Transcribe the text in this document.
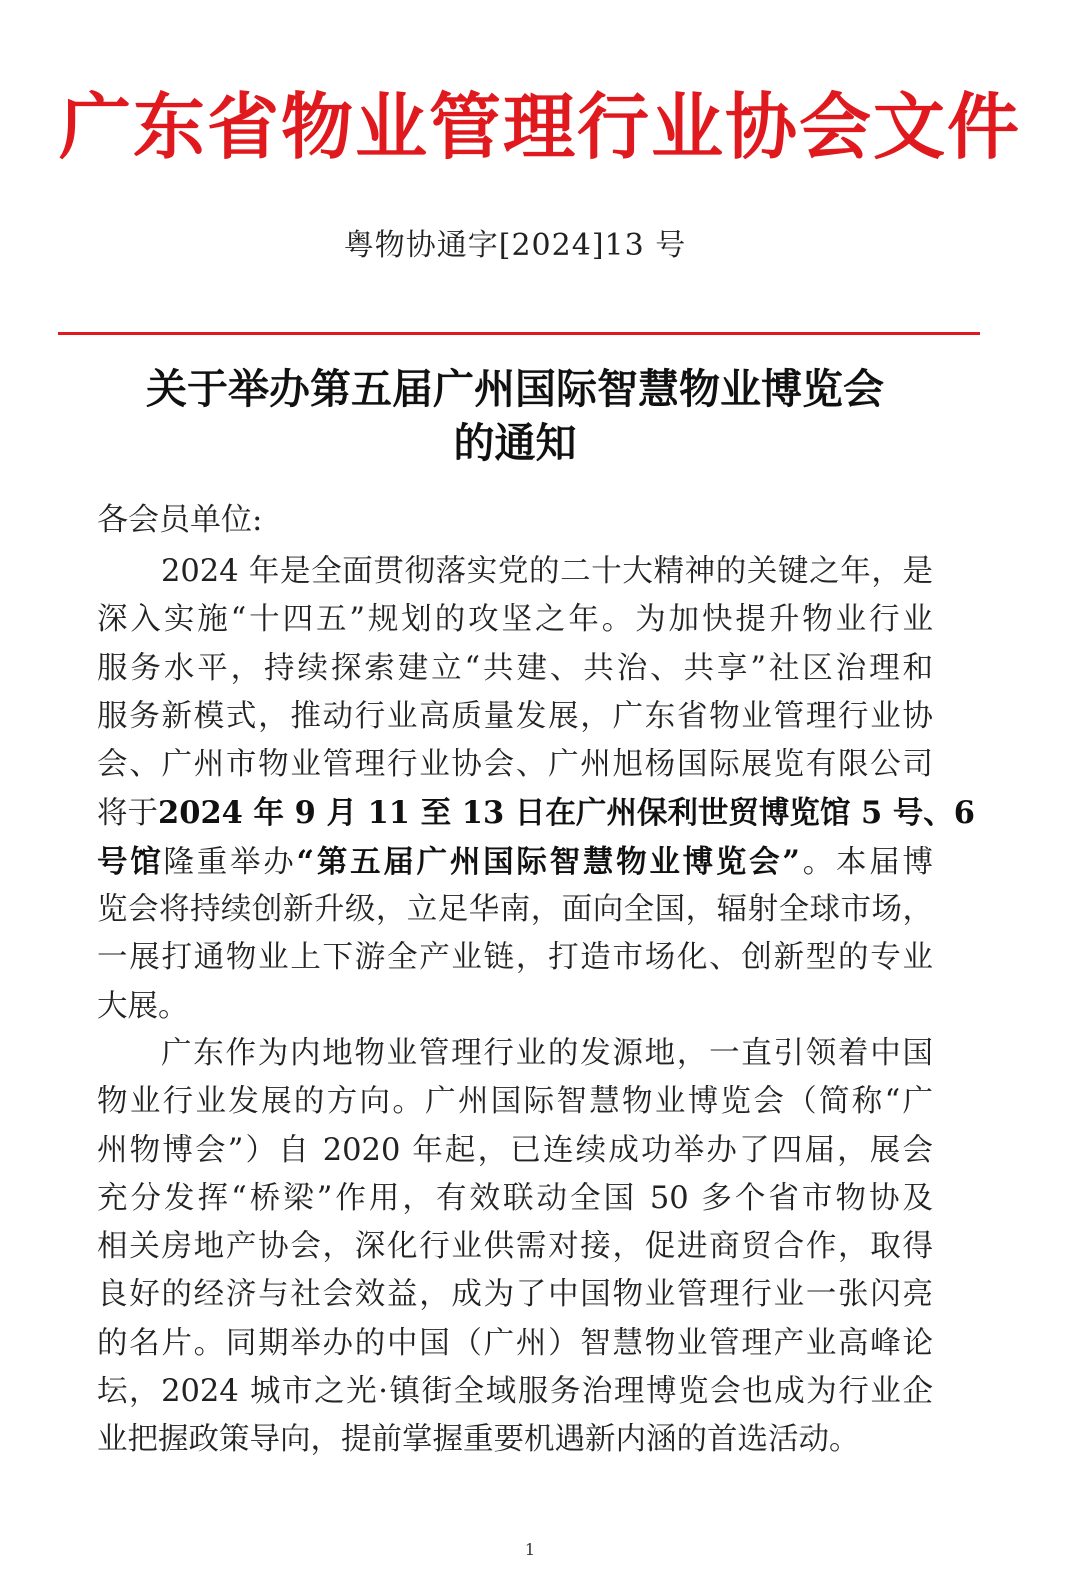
广东省物业管理行业协会文件
粤物协通字[2024]13 号
关于举办第五届广州国际智慧物业博览会
的通知
各会员单位:
2024 年是全面贯彻落实党的二十大精神的关键之年，是
深入实施“十四五”规划的攻坚之年。为加快提升物业行业
服务水平，持续探索建立“共建、共治、共享”社区治理和
服务新模式，推动行业高质量发展，广东省物业管理行业协
会、广州市物业管理行业协会、广州旭杨国际展览有限公司
将于2024 年 9 月 11 至 13 日在广州保利世贸博览馆 5 号、6
号馆隆重举办“第五届广州国际智慧物业博览会”。本届博
览会将持续创新升级，立足华南，面向全国，辐射全球市场，
一展打通物业上下游全产业链，打造市场化、创新型的专业
大展。
广东作为内地物业管理行业的发源地，一直引领着中国
物业行业发展的方向。广州国际智慧物业博览会（简称“广
州物博会”）自 2020 年起，已连续成功举办了四届，展会
充分发挥“桥梁”作用，有效联动全国 50 多个省市物协及
相关房地产协会，深化行业供需对接，促进商贸合作，取得
良好的经济与社会效益，成为了中国物业管理行业一张闪亮
的名片。同期举办的中国（广州）智慧物业管理产业高峰论
坛，2024 城市之光·镇街全域服务治理博览会也成为行业企
业把握政策导向，提前掌握重要机遇新内涵的首选活动。
1
